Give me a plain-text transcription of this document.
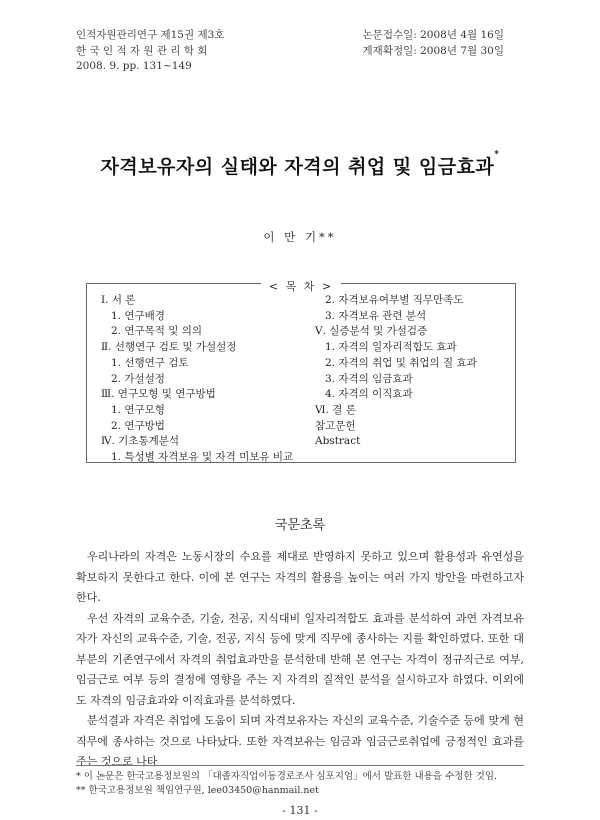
인적자원관리연구 제15권 제3호
한 국 인 적 자 원 관 리 학 회
2008. 9. pp. 131~149
논문접수일: 2008년 4월 16일
게재확정일: 2008년 7월 30일
자격보유자의 실태와 자격의 취업 및 임금효과*
이 만 기**
< 목 차 >
Ⅰ. 서 론
1. 연구배경
2. 연구목적 및 의의
Ⅱ. 선행연구 검토 및 가설설정
1. 선행연구 검토
2. 가설설정
Ⅲ. 연구모형 및 연구방법
1. 연구모형
2. 연구방법
Ⅳ. 기초통계분석
1. 특성별 자격보유 및 자격 미보유 비교
2. 자격보유여부별 직무만족도
3. 자격보유 관련 분석
Ⅴ. 실증분석 및 가설검증
1. 자격의 일자리적합도 효과
2. 자격의 취업 및 취업의 질 효과
3. 자격의 임금효과
4. 자격의 이직효과
Ⅵ. 결 론
참고문헌
Abstract
국문초록

우리나라의 자격은 노동시장의 수요를 제대로 반영하지 못하고 있으며 활용성과 유연성을 확보하지 못한다고 한다. 이에 본 연구는 자격의 활용을 높이는 여러 가지 방안을 마련하고자 한다.

우선 자격의 교육수준, 기술, 전공, 지식대비 일자리적합도 효과를 분석하여 과연 자격보유자가 자신의 교육수준, 기술, 전공, 지식 등에 맞게 직무에 종사하는 지를 확인하였다. 또한 대부분의 기존연구에서 자격의 취업효과만을 분석한데 반해 본 연구는 자격이 정규직근로 여부, 임금근로 여부 등의 결정에 영향을 주는 지 자격의 질적인 분석을 실시하고자 하였다. 이외에도 자격의 임금효과와 이직효과를 분석하였다.

분석결과 자격은 취업에 도움이 되며 자격보유자는 자신의 교육수준, 기술수준 등에 맞게 현 직무에 종사하는 것으로 나타났다. 또한 자격보유는 임금과 임금근로취업에 긍정적인 효과를 주는 것으로 나타

* 이 논문은 한국고용정보원의 「대졸자직업이동경로조사 심포지엄」에서 발표한 내용을 수정한 것임.
** 한국고용정보원 책임연구원, lee03450@hanmail.net
- 131 -
